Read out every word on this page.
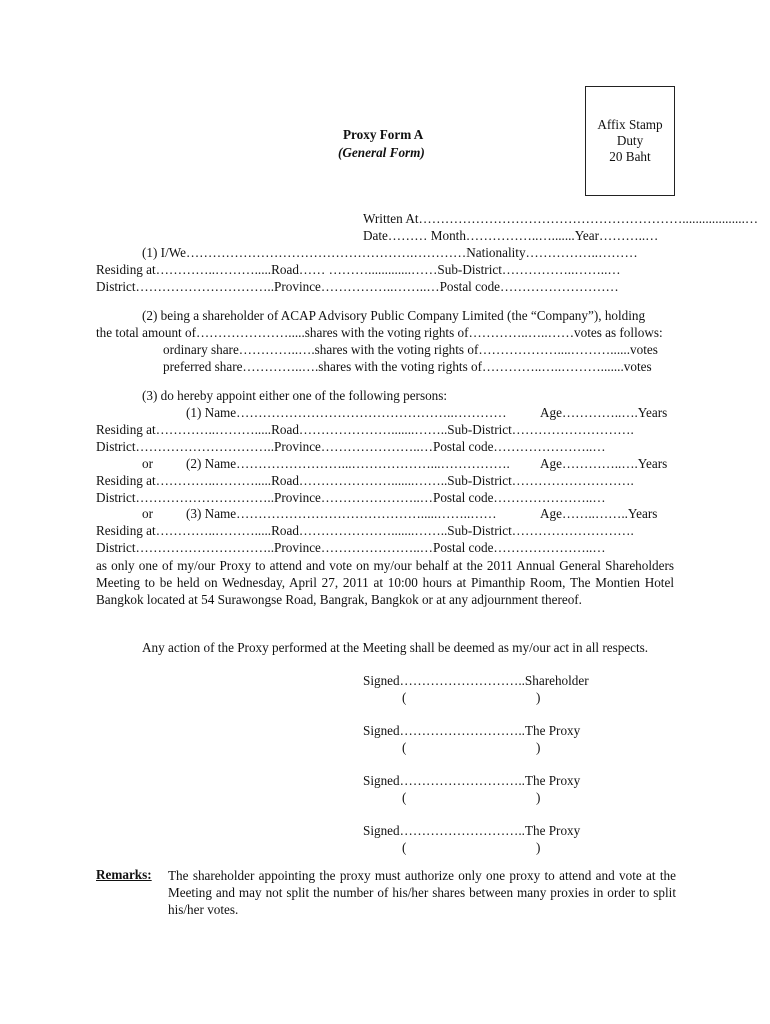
Affix Stamp
Duty
20 Baht
Proxy Form A
(General Form)
Written At……………………………………………………...................…
Date……… Month……………..….......Year………..…
(1) I/We…………………………………………….…………Nationality……………..………
Residing at…………..……….....Road…… ……….............……Sub-District……………..……..…
District…………………………..Province……………..……..…Postal code………………………
(2) being a shareholder of ACAP Advisory Public Company Limited (the “Company”), holding
the total amount of………………….....shares with the voting rights of…………..…..……votes as follows:
ordinary share…………..….shares with the voting rights of………………....………......votes
preferred share…………..….shares with the voting rights of…………..…..……….......votes
(3) do hereby appoint either one of the following persons:
(1) Name…………………………………………..…………	Age…………..….Years
Residing at…………..……….....Road………………….......……..Sub-District……………………….
District…………………………..Province…………………..…Postal code…………………..…
or	(2) Name……………………...………………...……………. Age…………..….Years
Residing at…………..……….....Road………………….......……..Sub-District……………………….
District…………………………..Province…………………..…Postal code…………………..…
or	(3) Name…………………………………….....……..……	Age……..……..Years
Residing at…………..……….....Road………………….......……..Sub-District……………………….
District…………………………..Province…………………..…Postal code…………………..…
as only one of my/our Proxy to attend and vote on my/our behalf at the 2011 Annual General Shareholders Meeting to be held on Wednesday, April 27, 2011 at 10:00 hours at Pimanthip Room, The Montien Hotel Bangkok located at 54 Surawongse Road, Bangrak, Bangkok or at any adjournment thereof.
Any action of the Proxy performed at the Meeting shall be deemed as my/our act in all respects.
Signed………………………..Shareholder
(	)
Signed………………………..The Proxy
(	)
Signed………………………..The Proxy
(	)
Signed………………………..The Proxy
(	)
Remarks: The shareholder appointing the proxy must authorize only one proxy to attend and vote at the Meeting and may not split the number of his/her shares between many proxies in order to split his/her votes.
